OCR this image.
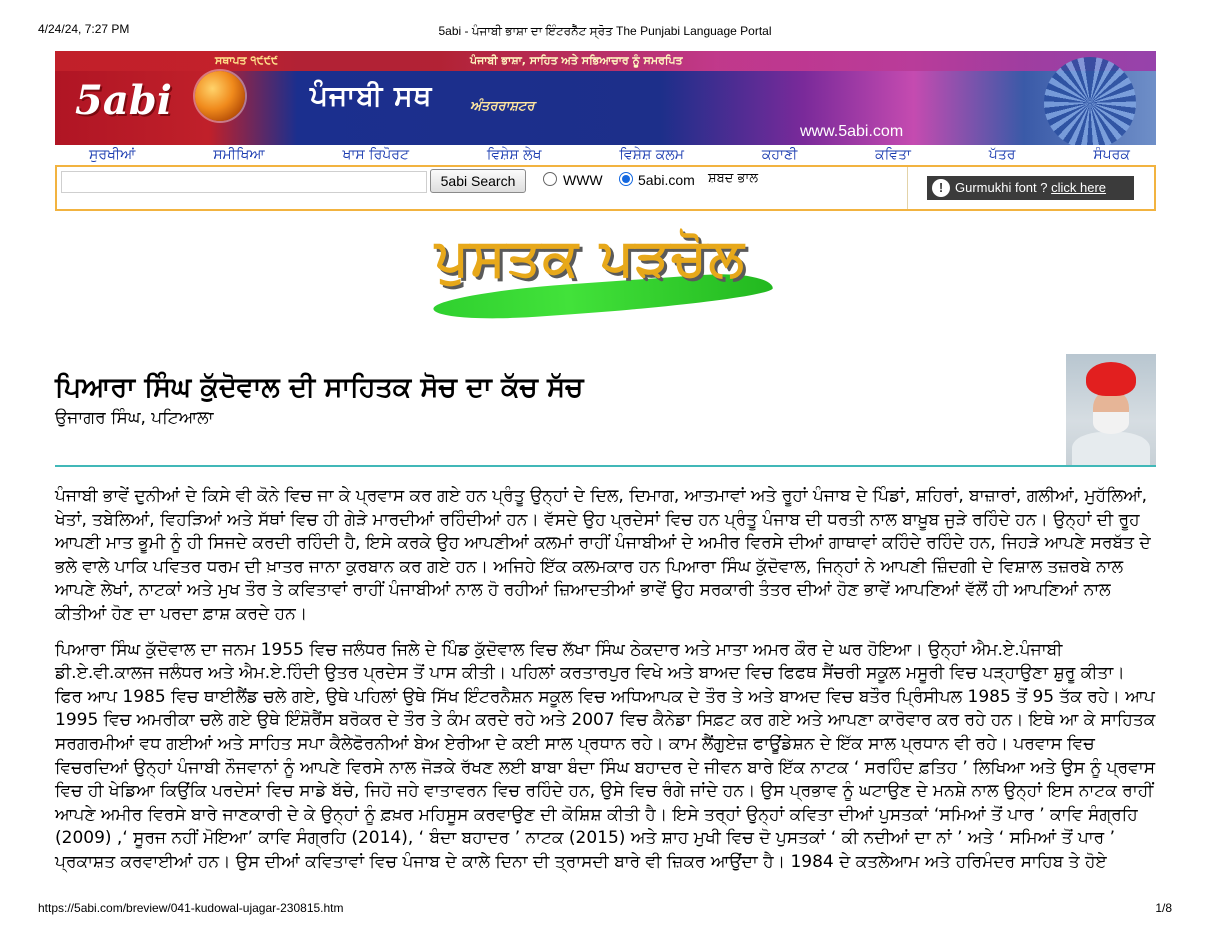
4/24/24, 7:27 PM	5abi - ਪੰਜਾਬੀ ਭਾਸ਼ਾ ਦਾ ਇੰਟਰਨੈੱਟ ਸ੍ਰੋਤ The Punjabi Language Portal
5abi
ਸਥਾਪਤ ੧੯੯੯	ਪੰਜਾਬੀ ਭਾਸ਼ਾ, ਸਾਹਿਤ ਅਤੇ ਸਭਿਆਚਾਰ ਨੂੰ ਸਮਰਪਿਤ
ਪੰਜਾਬੀ ਸਥ	ਅੰਤਰਰਾਸ਼ਟਰ
www.5abi.com
ਸੁਰਖੀਆਂ	ਸਮੀਖਿਆ	ਖਾਸ ਰਿਪੋਰਟ	ਵਿਸ਼ੇਸ਼ ਲੇਖ	ਵਿਸ਼ੇਸ਼ ਕਲਮ	ਕਹਾਣੀ	ਕਵਿਤਾ	ਪੱਤਰ	ਸੰਪਰਕ
5abi Search	WWW	5abi.com ਸ਼ਬਦ ਭਾਲ
! Gurmukhi font ? click here
ਪੁਸਤਕ ਪੜਚੋਲ
ਪਿਆਰਾ ਸਿੰਘ ਕੁੱਦੋਵਾਲ ਦੀ ਸਾਹਿਤਕ ਸੋਚ ਦਾ ਕੱਚ ਸੱਚ
ਉਜਾਗਰ ਸਿੰਘ, ਪਟਿਆਲਾ

ਪੰਜਾਬੀ ਭਾਵੇਂ ਦੁਨੀਆਂ ਦੇ ਕਿਸੇ ਵੀ ਕੋਨੇ ਵਿਚ ਜਾ ਕੇ ਪ੍ਰਵਾਸ ਕਰ ਗਏ ਹਨ ਪ੍ਰੰਤੂ ਉਨ੍ਹਾਂ ਦੇ ਦਿਲ, ਦਿਮਾਗ, ਆਤਮਾਵਾਂ ਅਤੇ ਰੂਹਾਂ ਪੰਜਾਬ ਦੇ ਪਿੰਡਾਂ, ਸ਼ਹਿਰਾਂ, ਬਾਜ਼ਾਰਾਂ, ਗਲੀਆਂ, ਮੁਹੱਲਿਆਂ, ਖੇਤਾਂ, ਤਬੇਲਿਆਂ, ਵਿਹੜਿਆਂ ਅਤੇ ਸੱਥਾਂ ਵਿਚ ਹੀ ਗੇੜੇ ਮਾਰਦੀਆਂ ਰਹਿੰਦੀਆਂ ਹਨ। ਵੱਸਦੇ ਉਹ ਪ੍ਰਦੇਸਾਂ ਵਿਚ ਹਨ ਪ੍ਰੰਤੂ ਪੰਜਾਬ ਦੀ ਧਰਤੀ ਨਾਲ ਬਾਖ਼ੂਬ ਜੁੜੇ ਰਹਿੰਦੇ ਹਨ। ਉਨ੍ਹਾਂ ਦੀ ਰੂਹ ਆਪਣੀ ਮਾਤ ਭੂਮੀ ਨੂੰ ਹੀ ਸਿਜਦੇ ਕਰਦੀ ਰਹਿੰਦੀ ਹੈ, ਇਸੇ ਕਰਕੇ ਉਹ ਆਪਣੀਆਂ ਕਲਮਾਂ ਰਾਹੀਂ ਪੰਜਾਬੀਆਂ ਦੇ ਅਮੀਰ ਵਿਰਸੇ ਦੀਆਂ ਗਾਥਾਵਾਂ ਕਹਿੰਦੇ ਰਹਿੰਦੇ ਹਨ, ਜਿਹੜੇ ਆਪਣੇ ਸਰਬੱਤ ਦੇ ਭਲੇ ਵਾਲੇ ਪਾਕਿ ਪਵਿਤਰ ਧਰਮ ਦੀ ਖ਼ਾਤਰ ਜਾਨਾ ਕੁਰਬਾਨ ਕਰ ਗਏ ਹਨ। ਅਜਿਹੇ ਇੱਕ ਕਲਮਕਾਰ ਹਨ ਪਿਆਰਾ ਸਿੰਘ ਕੁੱਦੋਵਾਲ, ਜਿਨ੍ਹਾਂ ਨੇ ਆਪਣੀ ਜ਼ਿੰਦਗੀ ਦੇ ਵਿਸ਼ਾਲ ਤਜ਼ਰਬੇ ਨਾਲ ਆਪਣੇ ਲੇਖਾਂ, ਨਾਟਕਾਂ ਅਤੇ ਮੁਖ ਤੌਰ ਤੇ ਕਵਿਤਾਵਾਂ ਰਾਹੀਂ ਪੰਜਾਬੀਆਂ ਨਾਲ ਹੋ ਰਹੀਆਂ ਜ਼ਿਆਦਤੀਆਂ ਭਾਵੇਂ ਉਹ ਸਰਕਾਰੀ ਤੰਤਰ ਦੀਆਂ ਹੋਣ ਭਾਵੇਂ ਆਪਣਿਆਂ ਵੱਲੋਂ ਹੀ ਆਪਣਿਆਂ ਨਾਲ ਕੀਤੀਆਂ ਹੋਣ ਦਾ ਪਰਦਾ ਫ਼ਾਸ਼ ਕਰਦੇ ਹਨ।

ਪਿਆਰਾ ਸਿੰਘ ਕੁੱਦੋਵਾਲ ਦਾ ਜਨਮ 1955 ਵਿਚ ਜਲੰਧਰ ਜਿਲੇ ਦੇ ਪਿੰਡ ਕੁੱਦੋਵਾਲ ਵਿਚ ਲੱਖਾ ਸਿੰਘ ਠੇਕਦਾਰ ਅਤੇ ਮਾਤਾ ਅਮਰ ਕੌਰ ਦੇ ਘਰ ਹੋਇਆ। ਉਨ੍ਹਾਂ ਐਮ.ਏ.ਪੰਜਾਬੀ ਡੀ.ਏ.ਵੀ.ਕਾਲਜ ਜਲੰਧਰ ਅਤੇ ਐਮ.ਏ.ਹਿੰਦੀ ਉਤਰ ਪ੍ਰਦੇਸ ਤੋਂ ਪਾਸ ਕੀਤੀ। ਪਹਿਲਾਂ ਕਰਤਾਰਪੁਰ ਵਿਖੇ ਅਤੇ ਬਾਅਦ ਵਿਚ ਫਿਫਥ ਸੈਂਚਰੀ ਸਕੂਲ ਮਸੂਰੀ ਵਿਚ ਪੜ੍ਹਾਉਣਾ ਸ਼ੁਰੂ ਕੀਤਾ। ਫਿਰ ਆਪ 1985 ਵਿਚ ਥਾਈਲੈਂਡ ਚਲੇ ਗਏ, ਉਥੇ ਪਹਿਲਾਂ ਉਥੇ ਸਿੱਖ ਇੰਟਰਨੈਸ਼ਨ ਸਕੂਲ ਵਿਚ ਅਧਿਆਪਕ ਦੇ ਤੌਰ ਤੇ ਅਤੇ ਬਾਅਦ ਵਿਚ ਬਤੌਰ ਪ੍ਰਿੰਸੀਪਲ 1985 ਤੋਂ 95 ਤੱਕ ਰਹੇ। ਆਪ 1995 ਵਿਚ ਅਮਰੀਕਾ ਚਲੇ ਗਏ ਉਥੇ ਇੰਸ਼ੋਰੈਂਸ ਬਰੋਕਰ ਦੇ ਤੌਰ ਤੇ ਕੰਮ ਕਰਦੇ ਰਹੇ ਅਤੇ 2007 ਵਿਚ ਕੈਨੇਡਾ ਸਿਫ਼ਟ ਕਰ ਗਏ ਅਤੇ ਆਪਣਾ ਕਾਰੋਵਾਰ ਕਰ ਰਹੇ ਹਨ। ਇਥੇ ਆ ਕੇ ਸਾਹਿਤਕ ਸਰਗਰਮੀਆਂ ਵਧ ਗਈਆਂ ਅਤੇ ਸਾਹਿਤ ਸਪਾ ਕੈਲੇਫੋਰਨੀਆਂ ਬੇਅ ਏਰੀਆ ਦੇ ਕਈ ਸਾਲ ਪ੍ਰਧਾਨ ਰਹੇ। ਕਾਮ ਲੈਂਗੁਏਜ਼ ਫਾਊਂਡੇਸ਼ਨ ਦੇ ਇੱਕ ਸਾਲ ਪ੍ਰਧਾਨ ਵੀ ਰਹੇ। ਪਰਵਾਸ ਵਿਚ ਵਿਚਰਦਿਆਂ ਉਨ੍ਹਾਂ ਪੰਜਾਬੀ ਨੌਜਵਾਨਾਂ ਨੂੰ ਆਪਣੇ ਵਿਰਸੇ ਨਾਲ ਜੋੜਕੇ ਰੱਖਣ ਲਈ ਬਾਬਾ ਬੰਦਾ ਸਿੰਘ ਬਹਾਦਰ ਦੇ ਜੀਵਨ ਬਾਰੇ ਇੱਕ ਨਾਟਕ ‘ ਸਰਹਿੰਦ ਫ਼ਤਿਹ ’ ਲਿਖਿਆ ਅਤੇ ਉਸ ਨੂੰ ਪ੍ਰਵਾਸ ਵਿਚ ਹੀ ਖੇਡਿਆ ਕਿਉਂਕਿ ਪਰਦੇਸਾਂ ਵਿਚ ਸਾਡੇ ਬੱਚੇ, ਜਿਹੋ ਜਹੇ ਵਾਤਾਵਰਨ ਵਿਚ ਰਹਿੰਦੇ ਹਨ, ਉਸੇ ਵਿਚ ਰੰਗੇ ਜਾਂਦੇ ਹਨ। ਉਸ ਪ੍ਰਭਾਵ ਨੂੰ ਘਟਾਉਣ ਦੇ ਮਨਸ਼ੇ ਨਾਲ ਉਨ੍ਹਾਂ ਇਸ ਨਾਟਕ ਰਾਹੀਂ ਆਪਣੇ ਅਮੀਰ ਵਿਰਸੇ ਬਾਰੇ ਜਾਣਕਾਰੀ ਦੇ ਕੇ ਉਨ੍ਹਾਂ ਨੂੰ ਫ਼ਖ਼ਰ ਮਹਿਸੂਸ ਕਰਵਾਉਣ ਦੀ ਕੋਸ਼ਿਸ਼ ਕੀਤੀ ਹੈ। ਇਸੇ ਤਰ੍ਹਾਂ ਉਨ੍ਹਾਂ ਕਵਿਤਾ ਦੀਆਂ ਪੁਸਤਕਾਂ ‘ਸਮਿਆਂ ਤੋਂ ਪਾਰ ’ ਕਾਵਿ ਸੰਗ੍ਰਹਿ (2009) ,‘ ਸੂਰਜ ਨਹੀਂ ਮੋਇਆ’ ਕਾਵਿ ਸੰਗ੍ਰਹਿ (2014), ‘ ਬੰਦਾ ਬਹਾਦਰ ’ ਨਾਟਕ (2015) ਅਤੇ ਸ਼ਾਹ ਮੁਖੀ ਵਿਚ ਦੋ ਪੁਸਤਕਾਂ ‘ ਕੀ ਨਦੀਆਂ ਦਾ ਨਾਂ ’ ਅਤੇ ‘ ਸਮਿਆਂ ਤੋਂ ਪਾਰ ’ ਪ੍ਰਕਾਸ਼ਤ ਕਰਵਾਈਆਂ ਹਨ। ਉਸ ਦੀਆਂ ਕਵਿਤਾਵਾਂ ਵਿਚ ਪੰਜਾਬ ਦੇ ਕਾਲੇ ਦਿਨਾ ਦੀ ਤ੍ਰਾਸਦੀ ਬਾਰੇ ਵੀ ਜ਼ਿਕਰ ਆਉਂਦਾ ਹੈ। 1984 ਦੇ ਕਤਲੇਆਮ ਅਤੇ ਹਰਿਮੰਦਰ ਸਾਹਿਬ ਤੇ ਹੋਏ

https://5abi.com/breview/041-kudowal-ujagar-230815.htm	1/8
